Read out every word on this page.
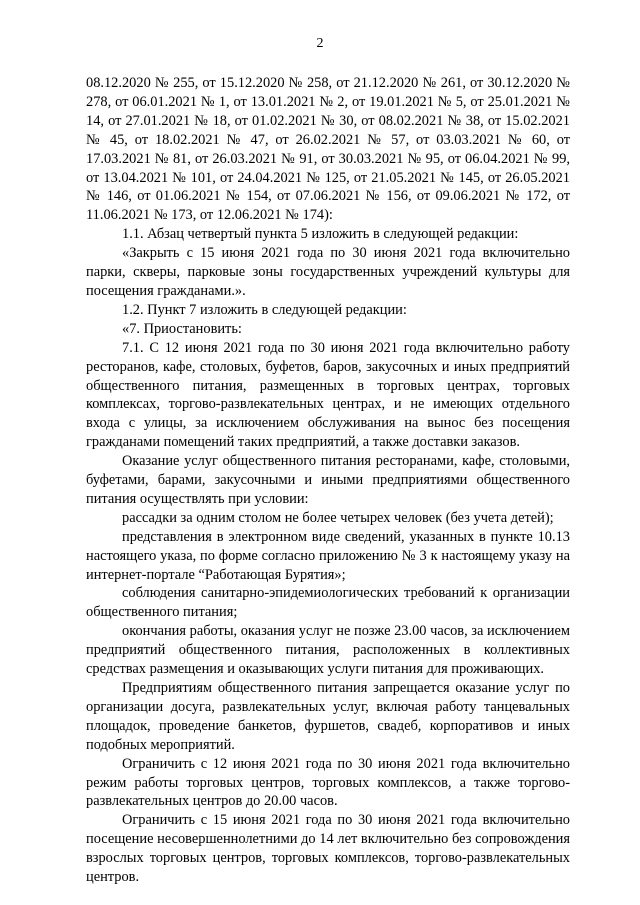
2

08.12.2020 № 255, от 15.12.2020 № 258, от 21.12.2020 № 261, от 30.12.2020 № 278, от 06.01.2021 № 1, от 13.01.2021 № 2, от 19.01.2021 № 5, от 25.01.2021 № 14, от 27.01.2021 № 18, от 01.02.2021 № 30, от 08.02.2021 № 38, от 15.02.2021 № 45, от 18.02.2021 № 47, от 26.02.2021 № 57, от 03.03.2021 № 60, от 17.03.2021 № 81, от 26.03.2021 № 91, от 30.03.2021 № 95, от 06.04.2021 № 99, от 13.04.2021 № 101, от 24.04.2021 № 125, от 21.05.2021 № 145, от 26.05.2021 № 146, от 01.06.2021 № 154, от 07.06.2021 № 156, от 09.06.2021 № 172, от 11.06.2021 № 173, от 12.06.2021 № 174):

1.1. Абзац четвертый пункта 5 изложить в следующей редакции:

«Закрыть с 15 июня 2021 года по 30 июня 2021 года включительно парки, скверы, парковые зоны государственных учреждений культуры для посещения гражданами.».

1.2. Пункт 7 изложить в следующей редакции:

«7. Приостановить:

7.1. С 12 июня 2021 года по 30 июня 2021 года включительно работу ресторанов, кафе, столовых, буфетов, баров, закусочных и иных предприятий общественного питания, размещенных в торговых центрах, торговых комплексах, торгово-развлекательных центрах, и не имеющих отдельного входа с улицы, за исключением обслуживания на вынос без посещения гражданами помещений таких предприятий, а также доставки заказов.

Оказание услуг общественного питания ресторанами, кафе, столовыми, буфетами, барами, закусочными и иными предприятиями общественного питания осуществлять при условии:

рассадки за одним столом не более четырех человек (без учета детей);

представления в электронном виде сведений, указанных в пункте 10.13 настоящего указа, по форме согласно приложению № 3 к настоящему указу на интернет-портале “Работающая Бурятия»;

соблюдения санитарно-эпидемиологических требований к организации общественного питания;

окончания работы, оказания услуг не позже 23.00 часов, за исключением предприятий общественного питания, расположенных в коллективных средствах размещения и оказывающих услуги питания для проживающих.

Предприятиям общественного питания запрещается оказание услуг по организации досуга, развлекательных услуг, включая работу танцевальных площадок, проведение банкетов, фуршетов, свадеб, корпоративов и иных подобных мероприятий.

Ограничить с 12 июня 2021 года по 30 июня 2021 года включительно режим работы торговых центров, торговых комплексов, а также торгово-развлекательных центров до 20.00 часов.

Ограничить с 15 июня 2021 года по 30 июня 2021 года включительно посещение несовершеннолетними до 14 лет включительно без сопровождения взрослых торговых центров, торговых комплексов, торгово-развлекательных центров.
